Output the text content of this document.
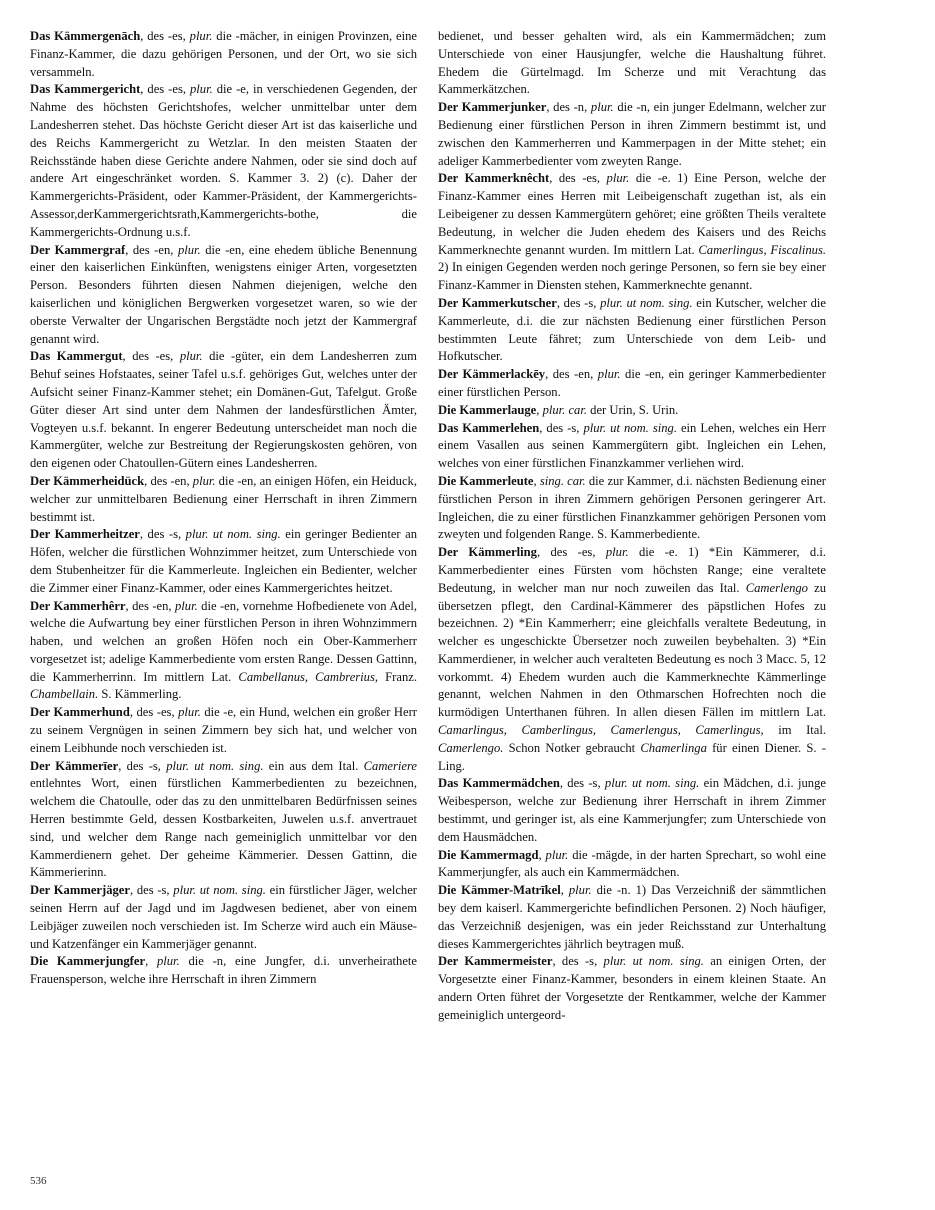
Das Kämmergenāch, des -es, plur. die -mächer, in einigen Provinzen, eine Finanz-Kammer, die dazu gehörigen Personen, und der Ort, wo sie sich versammeln.

Das Kammergericht, des -es, plur. die -e, in verschiedenen Gegenden, der Nahme des höchsten Gerichtshofes, welcher unmittelbar unter dem Landesherren stehet. Das höchste Gericht dieser Art ist das kaiserliche und des Reichs Kammergericht zu Wetzlar. In den meisten Staaten der Reichsstände haben diese Gerichte andere Nahmen, oder sie sind doch auf andere Art eingeschränket worden. S. Kammer 3. 2) (c). Daher der Kammergerichts-Präsident, oder Kammer-Präsident, der Kammergerichts-Assessor,derKammergerichtsrath,Kammergerichts-bothe, die Kammergerichts-Ordnung u.s.f.

Der Kammergraf, des -en, plur. die -en, eine ehedem übliche Benennung einer den kaiserlichen Einkünften, wenigstens einiger Arten, vorgesetzten Person. Besonders führten diesen Nahmen diejenigen, welche den kaiserlichen und königlichen Bergwerken vorgesetzet waren, so wie der oberste Verwalter der Ungarischen Bergstädte noch jetzt der Kammergraf genannt wird.

Das Kammergut, des -es, plur. die -güter, ein dem Landesherren zum Behuf seines Hofstaates, seiner Tafel u.s.f. gehöriges Gut, welches unter der Aufsicht seiner Finanz-Kammer stehet; ein Domänen-Gut, Tafelgut. Große Güter dieser Art sind unter dem Nahmen der landesfürstlichen Ämter, Vogteyen u.s.f. bekannt. In engerer Bedeutung unterscheidet man noch die Kammergüter, welche zur Bestreitung der Regierungskosten gehören, von den eigenen oder Chatoullen-Gütern eines Landesherren.

Der Kämmerheidück, des -en, plur. die -en, an einigen Höfen, ein Heiduck, welcher zur unmittelbaren Bedienung einer Herrschaft in ihren Zimmern bestimmt ist.

Der Kammerheitzer, des -s, plur. ut nom. sing. ein geringer Bedienter an Höfen, welcher die fürstlichen Wohnzimmer heitzet, zum Unterschiede von dem Stubenheitzer für die Kammerleute. Ingleichen ein Bedienter, welcher die Zimmer einer Finanz-Kammer, oder eines Kammergerichtes heitzet.

Der Kammerhêrr, des -en, plur. die -en, vornehme Hofbedienete von Adel, welche die Aufwartung bey einer fürstlichen Person in ihren Wohnzimmern haben, und welchen an großen Höfen noch ein Ober-Kammerherr vorgesetzet ist; adelige Kammerbediente vom ersten Range. Dessen Gattinn, die Kammerherrinn. Im mittlern Lat. Cambellanus, Cambrerius, Franz. Chambellain. S. Kämmerling.

Der Kammerhund, des -es, plur. die -e, ein Hund, welchen ein großer Herr zu seinem Vergnügen in seinen Zimmern bey sich hat, und welcher von einem Leibhunde noch verschieden ist.

Der Kämmerīer, des -s, plur. ut nom. sing. ein aus dem Ital. Cameriere entlehntes Wort, einen fürstlichen Kammerbedienten zu bezeichnen, welchem die Chatoulle, oder das zu den unmittelbaren Bedürfnissen seines Herren bestimmte Geld, dessen Kostbarkeiten, Juwelen u.s.f. anvertrauet sind, und welcher dem Range nach gemeiniglich unmittelbar vor den Kammerdienern gehet. Der geheime Kämmerier. Dessen Gattinn, die Kämmerierinn.

Der Kammerjäger, des -s, plur. ut nom. sing. ein fürstlicher Jäger, welcher seinen Herrn auf der Jagd und im Jagdwesen bedienet, aber von einem Leibjäger zuweilen noch verschieden ist. Im Scherze wird auch ein Mäuse- und Katzenfänger ein Kammerjäger genannt.

Die Kammerjungfer, plur. die -n, eine Jungfer, d.i. unverheirathete Frauensperson, welche ihre Herrschaft in ihren Zimmern

bedienet, und besser gehalten wird, als ein Kammermädchen; zum Unterschiede von einer Hausjungfer, welche die Haushaltung führet. Ehedem die Gürtelmagd. Im Scherze und mit Verachtung das Kammerkätzchen.

Der Kammerjunker, des -n, plur. die -n, ein junger Edelmann, welcher zur Bedienung einer fürstlichen Person in ihren Zimmern bestimmt ist, und zwischen den Kammerherren und Kammerpagen in der Mitte stehet; ein adeliger Kammerbedienter vom zweyten Range.

Der Kammerknêcht, des -es, plur. die -e. 1) Eine Person, welche der Finanz-Kammer eines Herren mit Leibeigenschaft zugethan ist, als ein Leibeigener zu dessen Kammergütern gehöret; eine größten Theils veraltete Bedeutung, in welcher die Juden ehedem des Kaisers und des Reichs Kammerknechte genannt wurden. Im mittlern Lat. Camerlingus, Fiscalinus. 2) In einigen Gegenden werden noch geringe Personen, so fern sie bey einer Finanz-Kammer in Diensten stehen, Kammerknechte genannt.

Der Kammerkutscher, des -s, plur. ut nom. sing. ein Kutscher, welcher die Kammerleute, d.i. die zur nächsten Bedienung einer fürstlichen Person bestimmten Leute fähret; zum Unterschiede von dem Leib- und Hofkutscher.

Der Kämmerlackēy, des -en, plur. die -en, ein geringer Kammerbedienter einer fürstlichen Person.

Die Kammerlauge, plur. car. der Urin, S. Urin.

Das Kammerlehen, des -s, plur. ut nom. sing. ein Lehen, welches ein Herr einem Vasallen aus seinen Kammergütern gibt. Ingleichen ein Lehen, welches von einer fürstlichen Finanzkammer verliehen wird.

Die Kammerleute, sing. car. die zur Kammer, d.i. nächsten Bedienung einer fürstlichen Person in ihren Zimmern gehörigen Personen geringerer Art. Ingleichen, die zu einer fürstlichen Finanzkammer gehörigen Personen vom zweyten und folgenden Range. S. Kammerbediente.

Der Kämmerling, des -es, plur. die -e. 1) *Ein Kämmerer, d.i. Kammerbedienter eines Fürsten vom höchsten Range; eine veraltete Bedeutung, in welcher man nur noch zuweilen das Ital. Camerlengo zu übersetzen pflegt, den Cardinal-Kämmerer des päpstlichen Hofes zu bezeichnen. 2) *Ein Kammerherr; eine gleichfalls veraltete Bedeutung, in welcher es ungeschickte Übersetzer noch zuweilen beybehalten. 3) *Ein Kammerdiener, in welcher auch veralteten Bedeutung es noch 3 Macc. 5, 12 vorkommt. 4) Ehedem wurden auch die Kammerknechte Kämmerlinge genannt, welchen Nahmen in den Othmarschen Hofrechten noch die kurmödigen Unterthanen führen. In allen diesen Fällen im mittlern Lat. Camarlingus, Camberlingus, Camerlengus, Camerlingus, im Ital. Camerlengo. Schon Notker gebraucht Chamerlinga für einen Diener. S. -Ling.

Das Kammermädchen, des -s, plur. ut nom. sing. ein Mädchen, d.i. junge Weibesperson, welche zur Bedienung ihrer Herrschaft in ihrem Zimmer bestimmt, und geringer ist, als eine Kammerjungfer; zum Unterschiede von dem Hausmädchen.

Die Kammermagd, plur. die -mägde, in der harten Sprechart, so wohl eine Kammerjungfer, als auch ein Kammermädchen.

Die Kämmer-Matrīkel, plur. die -n. 1) Das Verzeichniß der sämmtlichen bey dem kaiserl. Kammergerichte befindlichen Personen. 2) Noch häufiger, das Verzeichniß desjenigen, was ein jeder Reichsstand zur Unterhaltung dieses Kammergerichtes jährlich beytragen muß.

Der Kammermeister, des -s, plur. ut nom. sing. an einigen Orten, der Vorgesetzte einer Finanz-Kammer, besonders in einem kleinen Staate. An andern Orten führet der Vorgesetzte der Rentkammer, welche der Kammer gemeiniglich untergeord-

536
